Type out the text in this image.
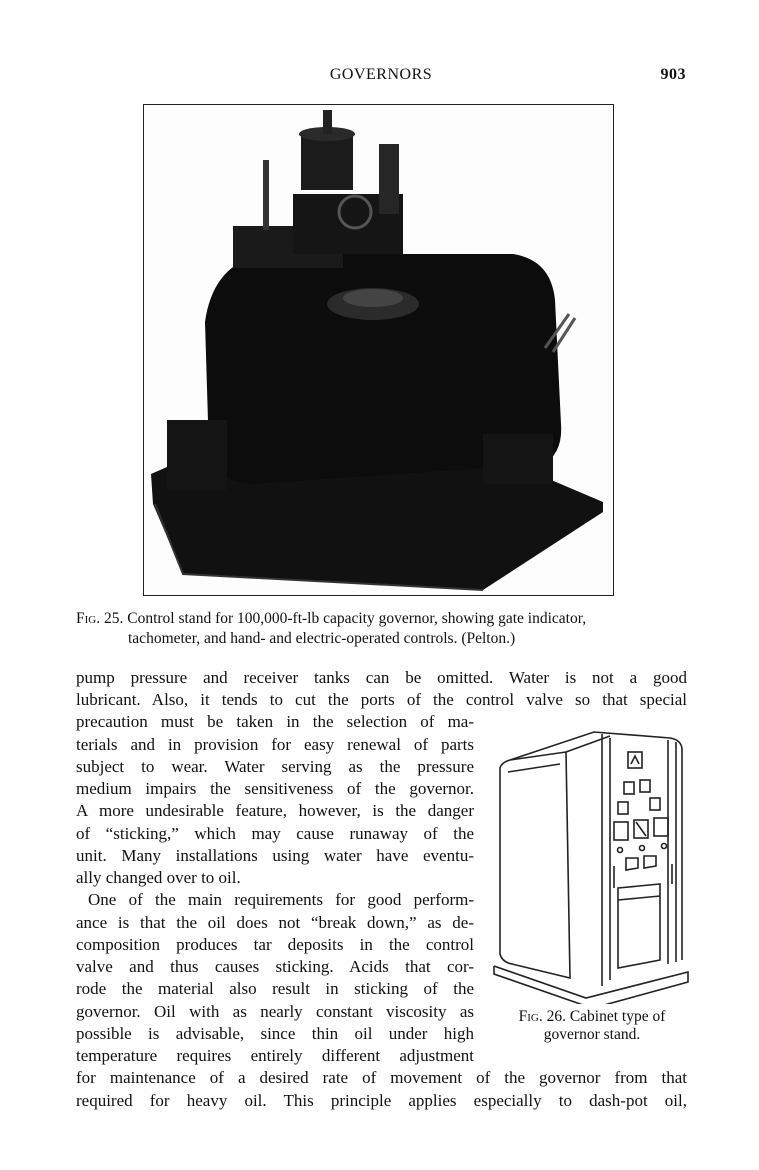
GOVERNORS	903
Fig. 25. Control stand for 100,000-ft-lb capacity governor, showing gate indicator,
tachometer, and hand- and electric-operated controls. (Pelton.)
pump pressure and receiver tanks can be omitted. Water is not a good
lubricant. Also, it tends to cut the ports of the control valve so that special
precaution must be taken in the selection of ma-
terials and in provision for easy renewal of parts
subject to wear. Water serving as the pressure
medium impairs the sensitiveness of the governor.
A more undesirable feature, however, is the danger
of “sticking,” which may cause runaway of the
unit. Many installations using water have eventu-
ally changed over to oil.
One of the main requirements for good perform-
ance is that the oil does not “break down,” as de-
composition produces tar deposits in the control
valve and thus causes sticking. Acids that cor-
rode the material also result in sticking of the
governor. Oil with as nearly constant viscosity as
possible is advisable, since thin oil under high
temperature requires entirely different adjustment
for maintenance of a desired rate of movement of the governor from that
required for heavy oil. This principle applies especially to dash-pot oil,
Fig. 26. Cabinet type of
governor stand.
